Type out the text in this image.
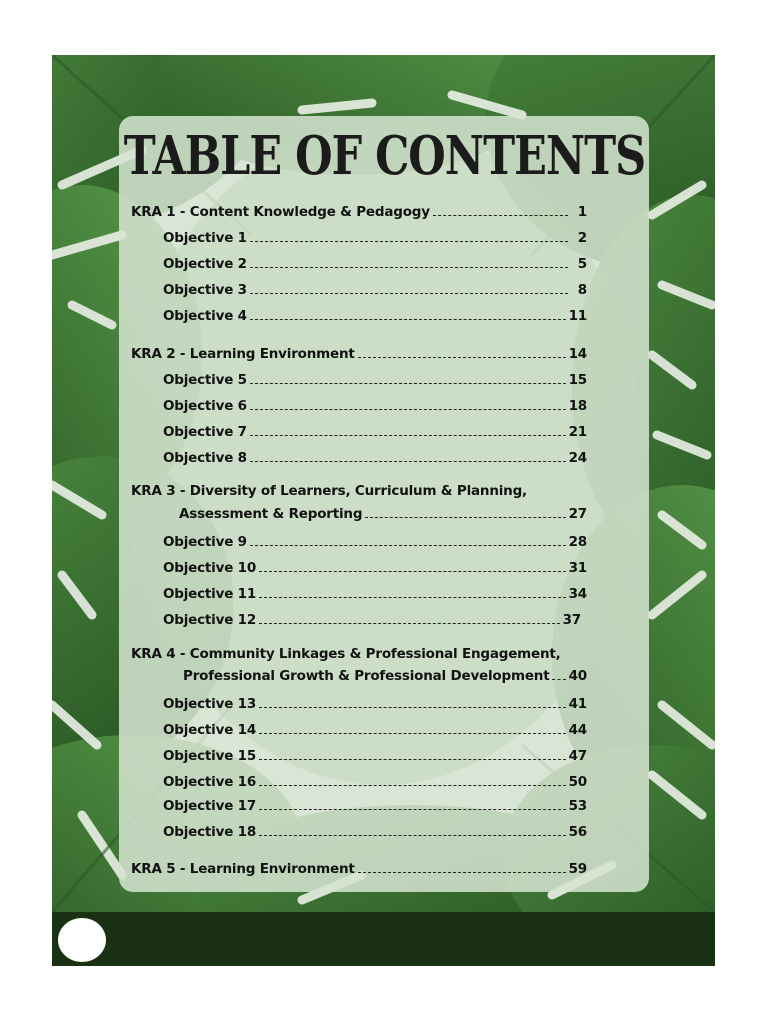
TABLE OF CONTENTS
KRA 1 - Content Knowledge & Pedagogy	1
Objective 1	2
Objective 2	5
Objective 3	8
Objective 4	11
KRA 2 - Learning Environment	14
Objective 5	15
Objective 6	18
Objective 7	21
Objective 8	24
KRA 3 - Diversity of Learners, Curriculum & Planning,
Assessment & Reporting	27
Objective 9	28
Objective 10	31
Objective 11	34
Objective 12	37
KRA 4 - Community Linkages & Professional Engagement,
Professional Growth & Professional Development 40
Objective 13	41
Objective 14	44
Objective 15	47
Objective 16	50
Objective 17	53
Objective 18	56
KRA 5 - Learning Environment	59
